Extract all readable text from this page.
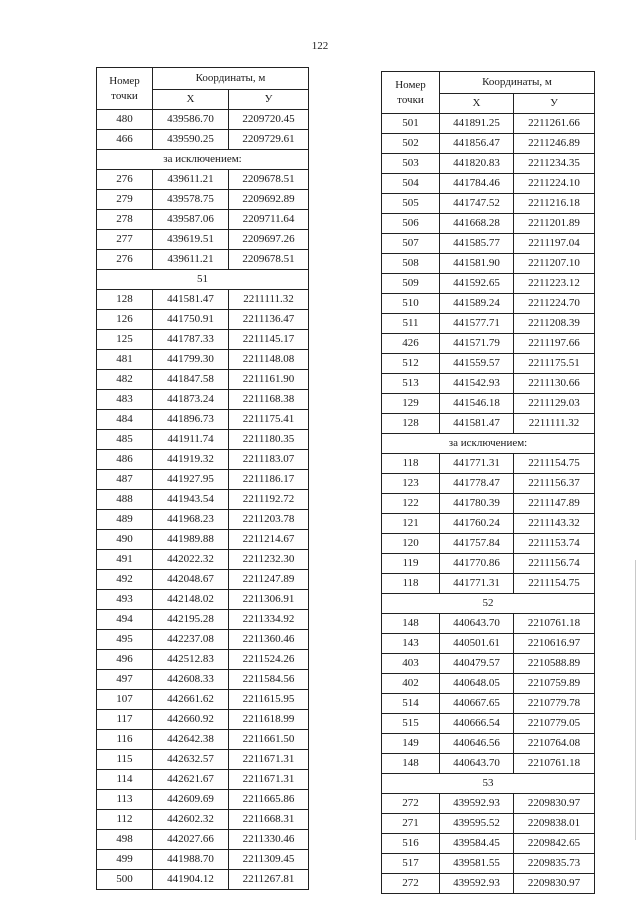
122
Номер точки	Координаты, м	
	X	У
480	439586.70	2209720.45
466	439590.25	2209729.61
за исключением:		
276	439611.21	2209678.51
279	439578.75	2209692.89
278	439587.06	2209711.64
277	439619.51	2209697.26
276	439611.21	2209678.51
51		
128	441581.47	2211111.32
126	441750.91	2211136.47
125	441787.33	2211145.17
481	441799.30	2211148.08
482	441847.58	2211161.90
483	441873.24	2211168.38
484	441896.73	2211175.41
485	441911.74	2211180.35
486	441919.32	2211183.07
487	441927.95	2211186.17
488	441943.54	2211192.72
489	441968.23	2211203.78
490	441989.88	2211214.67
491	442022.32	2211232.30
492	442048.67	2211247.89
493	442148.02	2211306.91
494	442195.28	2211334.92
495	442237.08	2211360.46
496	442512.83	2211524.26
497	442608.33	2211584.56
107	442661.62	2211615.95
117	442660.92	2211618.99
116	442642.38	2211661.50
115	442632.57	2211671.31
114	442621.67	2211671.31
113	442609.69	2211665.86
112	442602.32	2211668.31
498	442027.66	2211330.46
499	441988.70	2211309.45
500	441904.12	2211267.81
Номер точки	Координаты, м	
	X	У
501	441891.25	2211261.66
502	441856.47	2211246.89
503	441820.83	2211234.35
504	441784.46	2211224.10
505	441747.52	2211216.18
506	441668.28	2211201.89
507	441585.77	2211197.04
508	441581.90	2211207.10
509	441592.65	2211223.12
510	441589.24	2211224.70
511	441577.71	2211208.39
426	441571.79	2211197.66
512	441559.57	2211175.51
513	441542.93	2211130.66
129	441546.18	2211129.03
128	441581.47	2211111.32
за исключением:		
118	441771.31	2211154.75
123	441778.47	2211156.37
122	441780.39	2211147.89
121	441760.24	2211143.32
120	441757.84	2211153.74
119	441770.86	2211156.74
118	441771.31	2211154.75
52		
148	440643.70	2210761.18
143	440501.61	2210616.97
403	440479.57	2210588.89
402	440648.05	2210759.89
514	440667.65	2210779.78
515	440666.54	2210779.05
149	440646.56	2210764.08
148	440643.70	2210761.18
53		
272	439592.93	2209830.97
271	439595.52	2209838.01
516	439584.45	2209842.65
517	439581.55	2209835.73
272	439592.93	2209830.97
